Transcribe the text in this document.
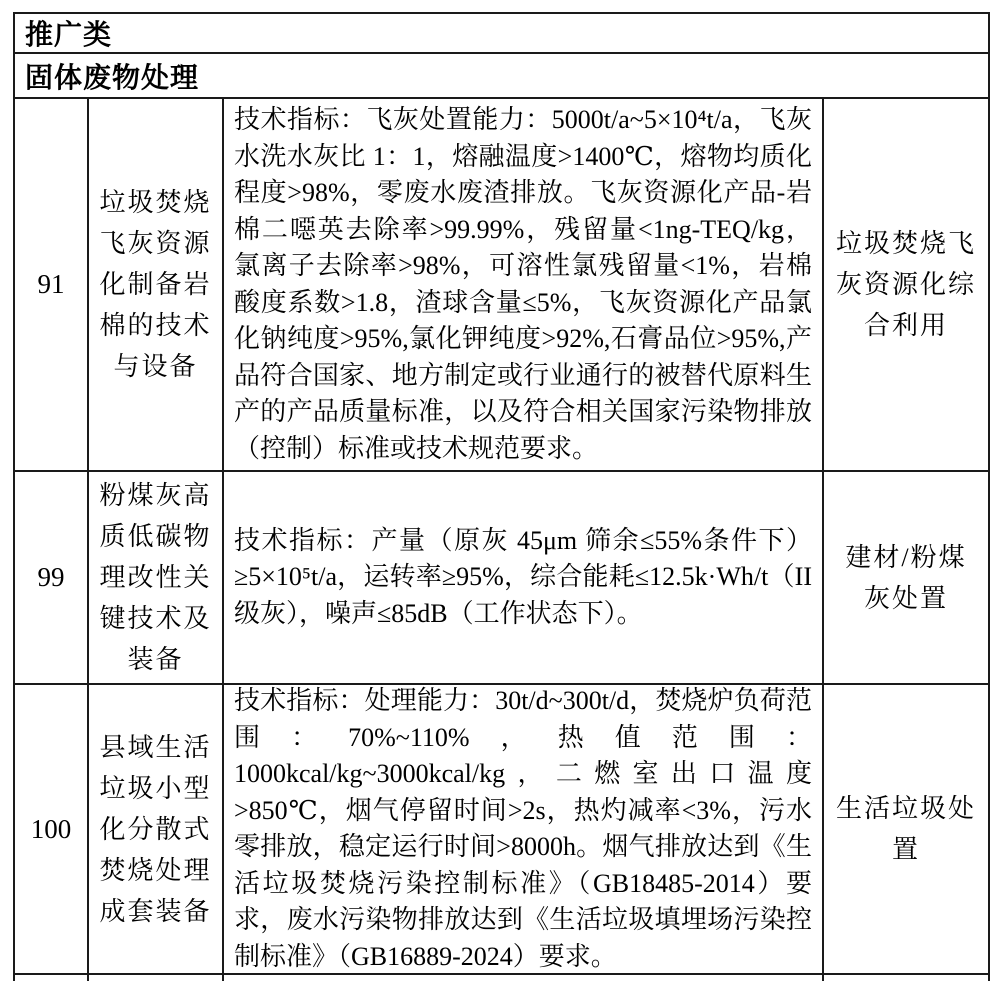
推广类
固体废物处理
91
垃圾焚烧飞灰资源化制备岩棉的技术与设备
技术指标：飞灰处置能力：5000t/a~5×10⁴t/a，飞灰水洗水灰比 1：1，熔融温度>1400℃，熔物均质化程度>98%，零废水废渣排放。飞灰资源化产品-岩棉二噁英去除率>99.99%，残留量<1ng-TEQ/kg，氯离子去除率>98%，可溶性氯残留量<1%，岩棉酸度系数>1.8，渣球含量≤5%，飞灰资源化产品氯化钠纯度>95%,氯化钾纯度>92%,石膏品位>95%,产品符合国家、地方制定或行业通行的被替代原料生产的产品质量标准，以及符合相关国家污染物排放（控制）标准或技术规范要求。
垃圾焚烧飞灰资源化综合利用
99
粉煤灰高质低碳物理改性关键技术及装备
技术指标：产量（原灰 45μm 筛余≤55%条件下）≥5×10⁵t/a，运转率≥95%，综合能耗≤12.5k·Wh/t（II级灰），噪声≤85dB（工作状态下）。
建材/粉煤灰处置
100
县域生活垃圾小型化分散式焚烧处理成套装备
技术指标：处理能力：30t/d~300t/d，焚烧炉负荷范围：70%~110%，热值范围：1000kcal/kg~3000kcal/kg，二燃室出口温度>850℃，烟气停留时间>2s，热灼减率<3%，污水零排放，稳定运行时间>8000h。烟气排放达到《生活垃圾焚烧污染控制标准》（GB18485-2014）要求，废水污染物排放达到《生活垃圾填埋场污染控制标准》（GB16889-2024）要求。
生活垃圾处置
